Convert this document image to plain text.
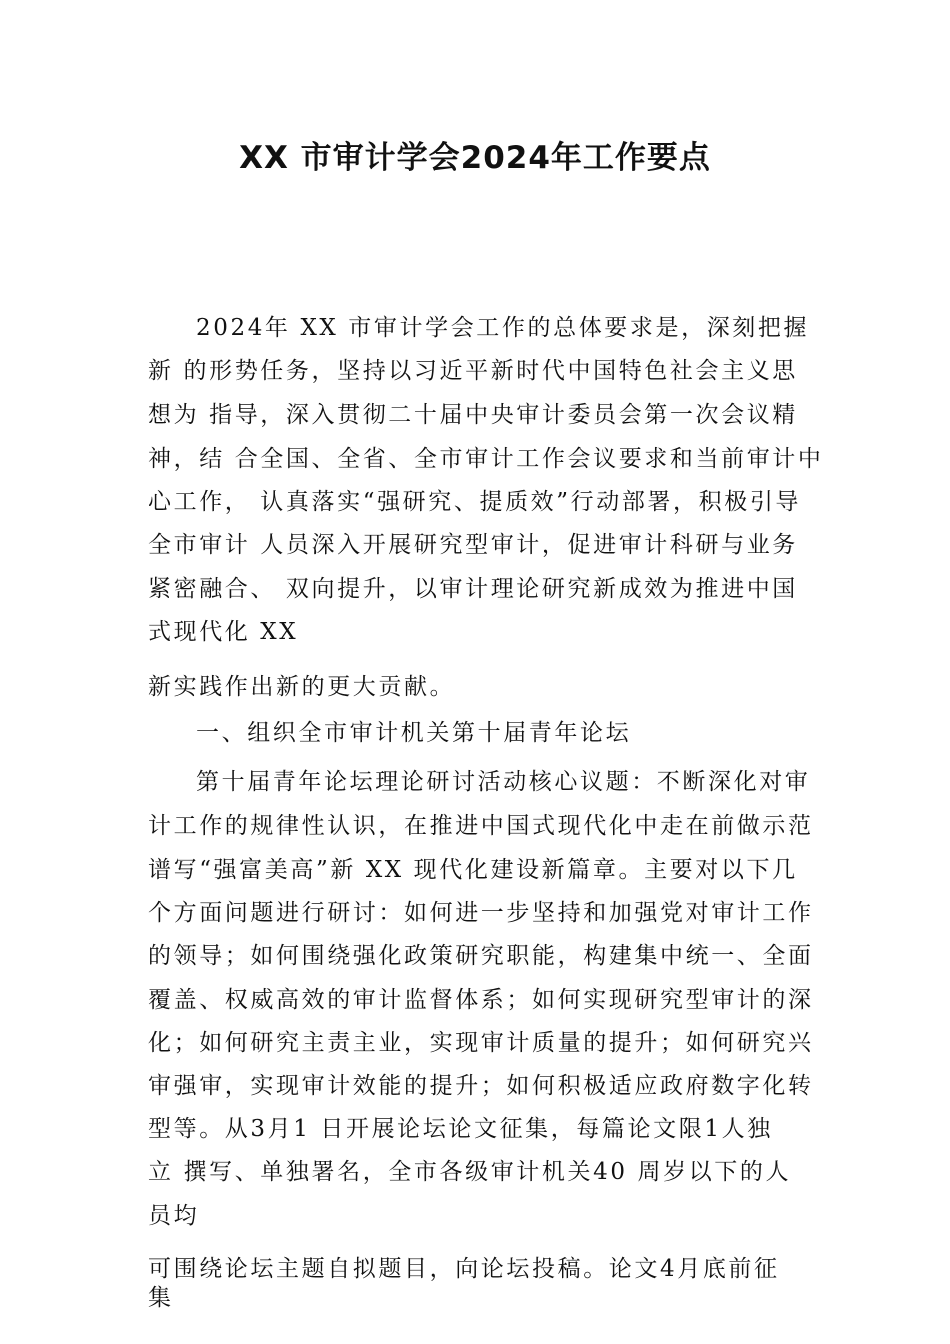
XX 市审计学会2024年工作要点

2024年 XX 市审计学会工作的总体要求是，深刻把握

新 的形势任务，坚持以习近平新时代中国特色社会主义思

想为 指导，深入贯彻二十届中央审计委员会第一次会议精

神，结 合全国、全省、全市审计工作会议要求和当前审计中

心工作， 认真落实“强研究、提质效”行动部署，积极引导

全市审计 人员深入开展研究型审计，促进审计科研与业务

紧密融合、 双向提升，以审计理论研究新成效为推进中国

式现代化 XX

新实践作出新的更大贡献。

一、组织全市审计机关第十届青年论坛

第十届青年论坛理论研讨活动核心议题：不断深化对审

计工作的规律性认识，在推进中国式现代化中走在前做示范

谱写“强富美高”新 XX 现代化建设新篇章。主要对以下几

个方面问题进行研讨：如何进一步坚持和加强党对审计工作

的领导；如何围绕强化政策研究职能，构建集中统一、全面

覆盖、权威高效的审计监督体系；如何实现研究型审计的深

化；如何研究主责主业，实现审计质量的提升；如何研究兴

审强审，实现审计效能的提升；如何积极适应政府数字化转

型等。从3月1 日开展论坛论文征集，每篇论文限1人独

立 撰写、单独署名，全市各级审计机关40 周岁以下的人

员均

可围绕论坛主题自拟题目，向论坛投稿。论文4月底前征

集
